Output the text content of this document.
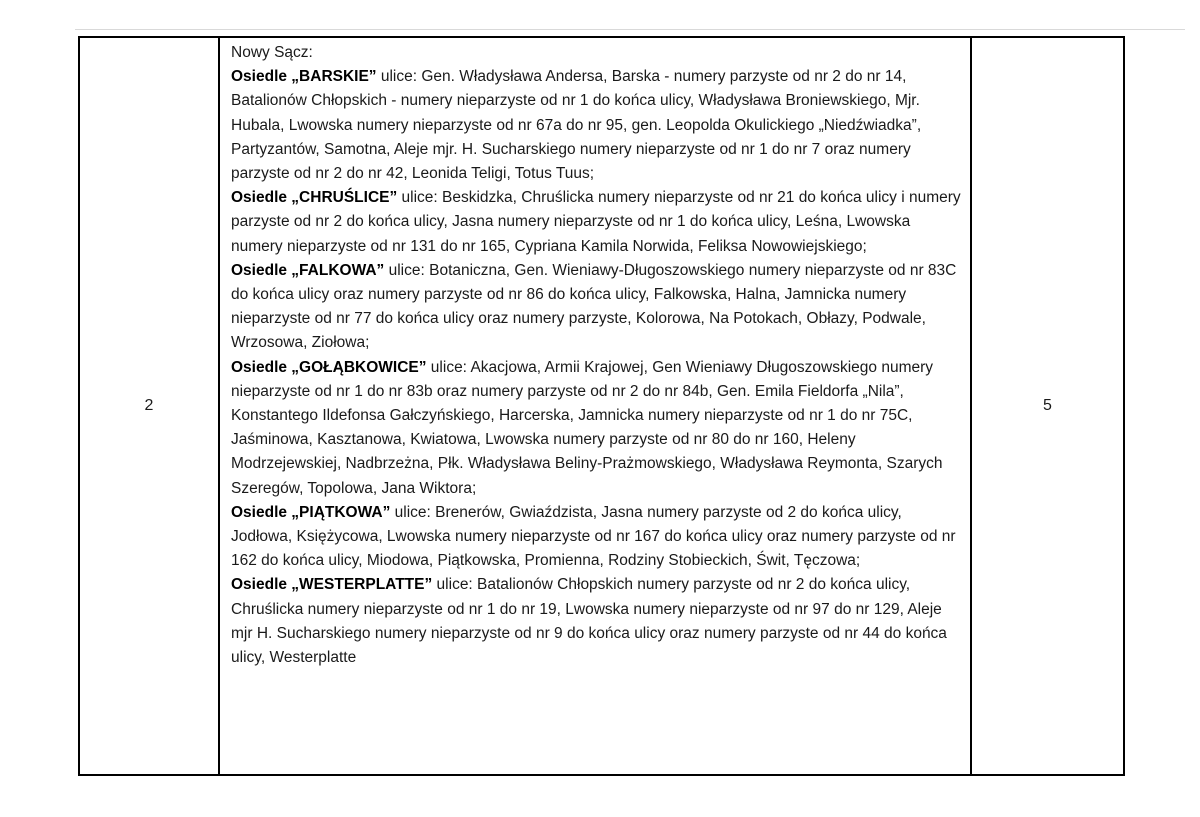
2
Nowy Sącz:
Osiedle „BARSKIE” ulice: Gen. Władysława Andersa, Barska - numery parzyste od nr 2 do nr 14, Batalionów Chłopskich - numery nieparzyste od nr 1 do końca ulicy, Władysława Broniewskiego, Mjr. Hubala, Lwowska numery nieparzyste od nr 67a do nr 95, gen. Leopolda Okulickiego „Niedźwiadka”, Partyzantów, Samotna, Aleje mjr. H. Sucharskiego numery nieparzyste od nr 1 do nr 7 oraz numery parzyste od nr 2 do nr 42, Leonida Teligi, Totus Tuus;
Osiedle „CHRUŚLICE” ulice: Beskidzka, Chruślicka numery nieparzyste od nr 21 do końca ulicy i numery parzyste od nr 2 do końca ulicy, Jasna numery nieparzyste od nr 1 do końca ulicy, Leśna, Lwowska numery nieparzyste od nr 131 do nr 165, Cypriana Kamila Norwida, Feliksa Nowowiejskiego;
Osiedle „FALKOWA” ulice: Botaniczna, Gen. Wieniawy-Długoszowskiego numery nieparzyste od nr 83C do końca ulicy oraz numery parzyste od nr 86 do końca ulicy, Falkowska, Halna, Jamnicka numery nieparzyste od nr 77 do końca ulicy oraz numery parzyste, Kolorowa, Na Potokach, Obłazy, Podwale, Wrzosowa, Ziołowa;
Osiedle „GOŁĄBKOWICE” ulice: Akacjowa, Armii Krajowej, Gen Wieniawy Długoszowskiego numery nieparzyste od nr 1 do nr 83b oraz numery parzyste od nr 2 do nr 84b, Gen. Emila Fieldorfa „Nila”, Konstantego Ildefonsa Gałczyńskiego, Harcerska, Jamnicka numery nieparzyste od nr 1 do nr 75C, Jaśminowa, Kasztanowa, Kwiatowa, Lwowska numery parzyste od nr 80 do nr 160, Heleny Modrzejewskiej, Nadbrzeżna, Płk. Władysława Beliny-Prażmowskiego, Władysława Reymonta, Szarych Szeregów, Topolowa, Jana Wiktora;
Osiedle „PIĄTKOWA” ulice: Brenerów, Gwiaździsta, Jasna numery parzyste od 2 do końca ulicy, Jodłowa, Księżycowa, Lwowska numery nieparzyste od nr 167 do końca ulicy oraz numery parzyste od nr 162 do końca ulicy, Miodowa, Piątkowska, Promienna, Rodziny Stobieckich, Świt, Tęczowa;
Osiedle „WESTERPLATTE” ulice: Batalionów Chłopskich numery parzyste od nr 2 do końca ulicy, Chruślicka numery nieparzyste od nr 1 do nr 19, Lwowska numery nieparzyste od nr 97 do nr 129, Aleje mjr H. Sucharskiego numery nieparzyste od nr 9 do końca ulicy oraz numery parzyste od nr 44 do końca ulicy, Westerplatte
5
